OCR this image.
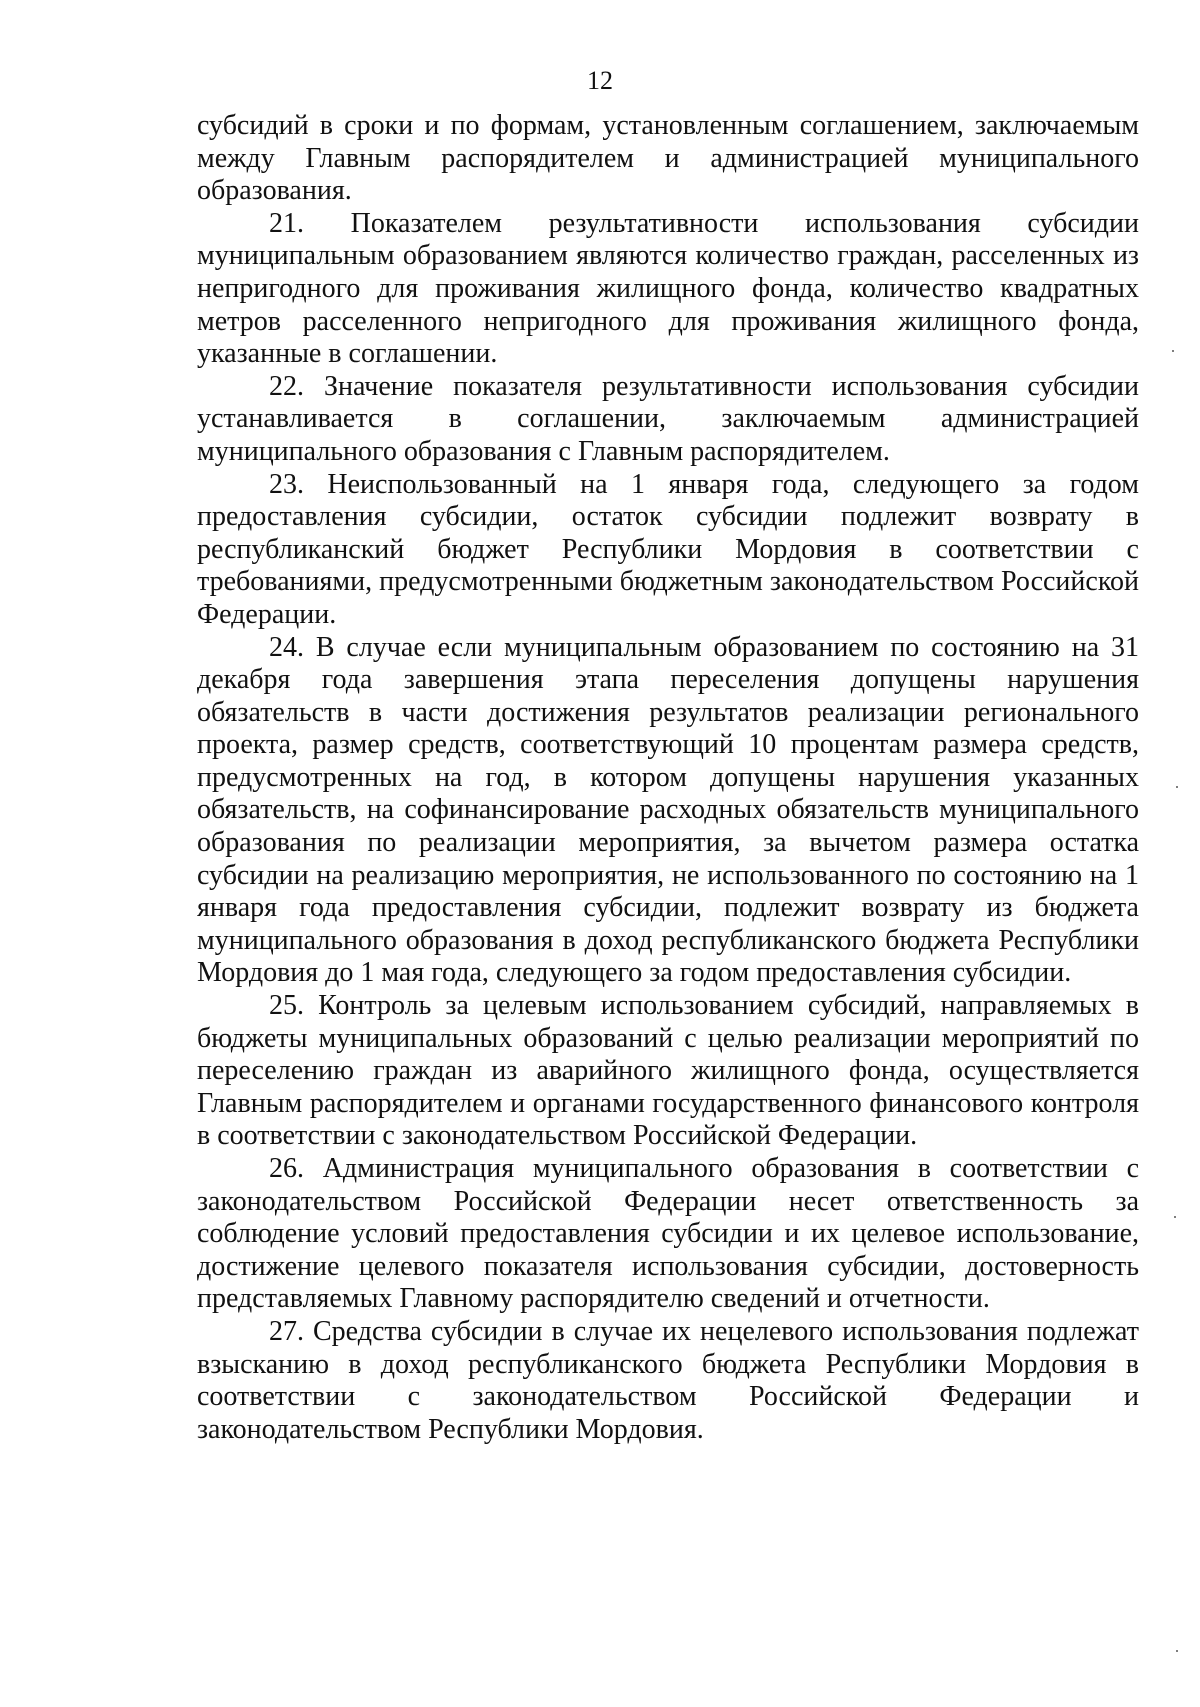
12

субсидий в сроки и по формам, установленным соглашением, заключаемым между Главным распорядителем и администрацией муниципального образования.

21. Показателем результативности использования субсидии муниципальным образованием являются количество граждан, расселенных из непригодного для проживания жилищного фонда, количество квадратных метров расселенного непригодного для проживания жилищного фонда, указанные в соглашении.

22. Значение показателя результативности использования субсидии устанавливается в соглашении, заключаемым администрацией муниципального образования с Главным распорядителем.

23. Неиспользованный на 1 января года, следующего за годом предоставления субсидии, остаток субсидии подлежит возврату в республиканский бюджет Республики Мордовия в соответствии с требованиями, предусмотренными бюджетным законодательством Российской Федерации.

24. В случае если муниципальным образованием по состоянию на 31 декабря года завершения этапа переселения допущены нарушения обязательств в части достижения результатов реализации регионального проекта, размер средств, соответствующий 10 процентам размера средств, предусмотренных на год, в котором допущены нарушения указанных обязательств, на софинансирование расходных обязательств муниципального образования по реализации мероприятия, за вычетом размера остатка субсидии на реализацию мероприятия, не использованного по состоянию на 1 января года предоставления субсидии, подлежит возврату из бюджета муниципального образования в доход республиканского бюджета Республики Мордовия до 1 мая года, следующего за годом предоставления субсидии.

25. Контроль за целевым использованием субсидий, направляемых в бюджеты муниципальных образований с целью реализации мероприятий по переселению граждан из аварийного жилищного фонда, осуществляется Главным распорядителем и органами государственного финансового контроля в соответствии с законодательством Российской Федерации.

26. Администрация муниципального образования в соответствии с законодательством Российской Федерации несет ответственность за соблюдение условий предоставления субсидии и их целевое использование, достижение целевого показателя использования субсидии, достоверность представляемых Главному распорядителю сведений и отчетности.

27. Средства субсидии в случае их нецелевого использования подлежат взысканию в доход республиканского бюджета Республики Мордовия в соответствии с законодательством Российской Федерации и законодательством Республики Мордовия.
